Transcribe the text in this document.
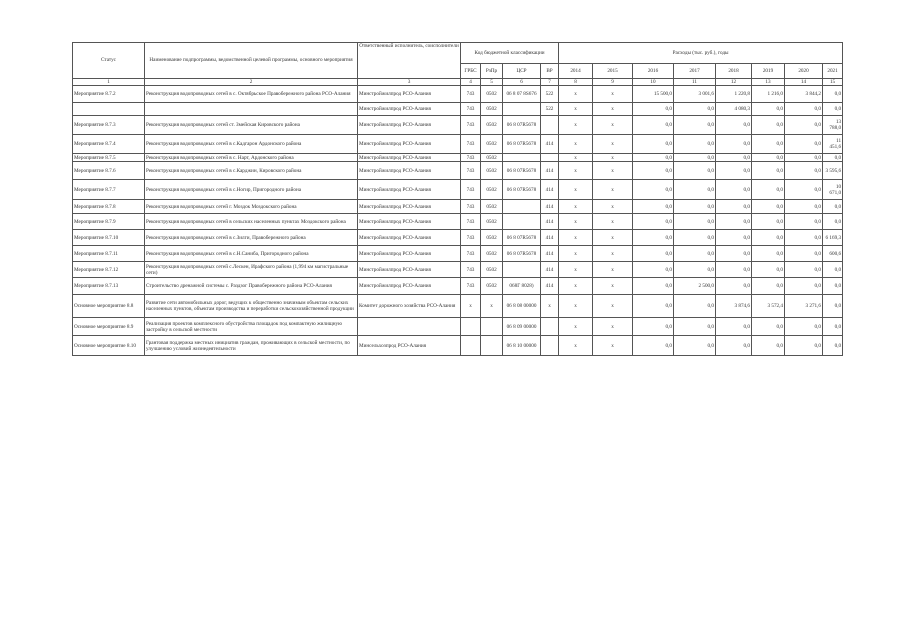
Статус	Наименование подпрограммы, ведомственной целевой программы, основного мероприятия	Ответственный исполнитель, соисполнители	Код бюджетной классификации				Расходы (тыс. руб.), годы							
			ГРБС	РзПр	ЦСР	ВР	2014	2015	2016	2017	2018	2019	2020	2021
1	2	3	4	5	6	7	8	9	10	11	12	13	14	15
Мероприятие 8.7.2	Реконструкция водопроводных сетей в с. Октябрьское Правобережного района РСО-Алания	Минстройжилпрод РСО-Алания	743	0502	06 8 07 8S676	522	x	x	15 500,0	3 001,6	1 220,8	1 216,0	3 844,2	0,0
		Минстройжилпрод РСО-Алания	743	0502		522	x	x	0,0	0,0	4 080,3	0,0	0,0	0,0
Мероприятие 8.7.3	Реконструкция водопроводных сетей ст. Змейская Кировского района	Минстройжилпрод РСО-Алания	743	0502	06 8 07R5678		x	x	0,0	0,0	0,0	0,0	0,0	13 788,0
Мероприятие 8.7.4	Реконструкция водопроводных сетей в с.Кадгарон Ардонского района	Минстройжилпрод РСО-Алания	743	0502	06 8 07R5678	414	x	x	0,0	0,0	0,0	0,0	0,0	11 451,6
Мероприятие 8.7.5	Реконструкция водопроводных сетей в с. Нарт, Ардонского района	Минстройжилпрод РСО-Алания	743	0502			x	x	0,0	0,0	0,0	0,0	0,0	0,0
Мероприятие 8.7.6	Реконструкция водопроводных сетей в с.Карджин, Кировского района	Минстройжилпрод РСО-Алания	743	0502	06 8 07R5678	414	x	x	0,0	0,0	0,0	0,0	0,0	3 595,6
Мероприятие 8.7.7	Реконструкция водопроводных сетей в с.Ногир, Пригородного района	Минстройжилпрод РСО-Алания	743	0502	06 8 07R5678	414	x	x	0,0	0,0	0,0	0,0	0,0	10 671,0
Мероприятие 8.7.8	Реконструкция водопроводных сетей г. Моздок Моздокского района	Минстройжилпрод РСО-Алания	743	0502		414	x	x	0,0	0,0	0,0	0,0	0,0	0,0
Мероприятие 8.7.9	Реконструкция водопроводных сетей в сельских населенных пунктах Моздокского района	Минстройжилпрод РСО-Алания	743	0502		414	x	x	0,0	0,0	0,0	0,0	0,0	0,0
Мероприятие 8.7.10	Реконструкция водопроводных сетей в с.Зилги, Правобережного района	Минстройжилпрод РСО-Алания	743	0502	06 8 07R5678	414	x	x	0,0	0,0	0,0	0,0	0,0	6 169,3
Мероприятие 8.7.11	Реконструкция водопроводных сетей в с.Н.Саниба, Пригородного района	Минстройжилпрод РСО-Алания	743	0502	06 8 07R5678	414	x	x	0,0	0,0	0,0	0,0	0,0	600,6
Мероприятие 8.7.12	Реконструкция водопроводных сетей с.Лескен, Ирафского района (1,994 км магистральные сети)	Минстройжилпрод РСО-Алания	743	0502		414	x	x	0,0	0,0	0,0	0,0	0,0	0,0
Мероприятие 8.7.13	Строительство дренажной системы с. Раздзог Правобережного района РСО-Алания	Минстройжилпрод РСО-Алания	743	0502	068Г 8028)	414	x	x	0,0	2 500,0	0,0	0,0	0,0	0,0
Основное мероприятие 8.8	Развитие сети автомобильных дорог, ведущих к общественно значимым объектам сельских населенных пунктов, объектам производства и переработки сельскохозяйственной продукции	Комитет дорожного хозяйства РСО-Алания	x	x	06 8 08 00000	x	x	x	0,0	0,0	3 874,6	3 572,4	3 271,6	0,0
Основное мероприятие 8.9	Реализация проектов комплексного обустройства площадок под компактную жилищную застройку в сельской местности				06 8 09 00000		x	x	0,0	0,0	0,0	0,0	0,0	0,0
Основное мероприятие 8.10	Грантовая поддержка местных инициатив граждан, проживающих в сельской местности, по улучшению условий жизнедеятельности	Минсельхозпрод РСО-Алания			06 8 10 00000		x	x	0,0	0,0	0,0	0,0	0,0	0,0
